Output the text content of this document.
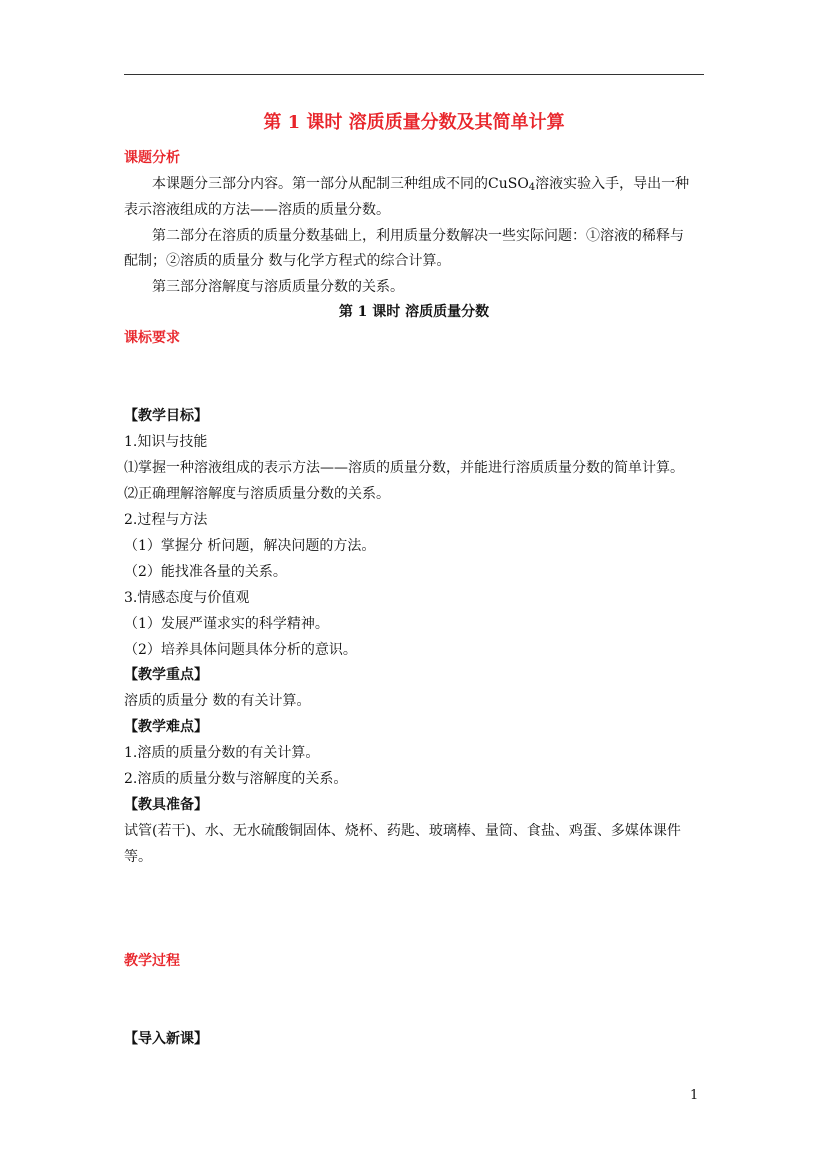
第 1 课时 溶质质量分数及其简单计算
课题分析
本课题分三部分内容。第一部分从配制三种组成不同的CuSO$_4$溶液实验入手，导出一种
表示溶液组成的方法——溶质的质量分数。
第二部分在溶质的质量分数基础上，利用质量分数解决一些实际问题：①溶液的稀释与
配制；②溶质的质量分 数与化学方程式的综合计算。
第三部分溶解度与溶质质量分数的关系。
第 1 课时 溶质质量分数
课标要求
【教学目标】
1.知识与技能
⑴掌握一种溶液组成的表示方法——溶质的质量分数，并能进行溶质质量分数的简单计算。
⑵正确理解溶解度与溶质质量分数的关系。
2.过程与方法
（1）掌握分 析问题，解决问题的方法。
（2）能找准各量的关系。
3.情感态度与价值观
（1）发展严谨求实的科学精神。
（2）培养具体问题具体分析的意识。
【教学重点】
溶质的质量分 数的有关计算。
【教学难点】
1.溶质的质量分数的有关计算。
2.溶质的质量分数与溶解度的关系。
【教具准备】
试管(若干)、水、无水硫酸铜固体、烧杯、药匙、玻璃棒、量筒、食盐、鸡蛋、多媒体课件
等。
教学过程
【导入新课】
1
